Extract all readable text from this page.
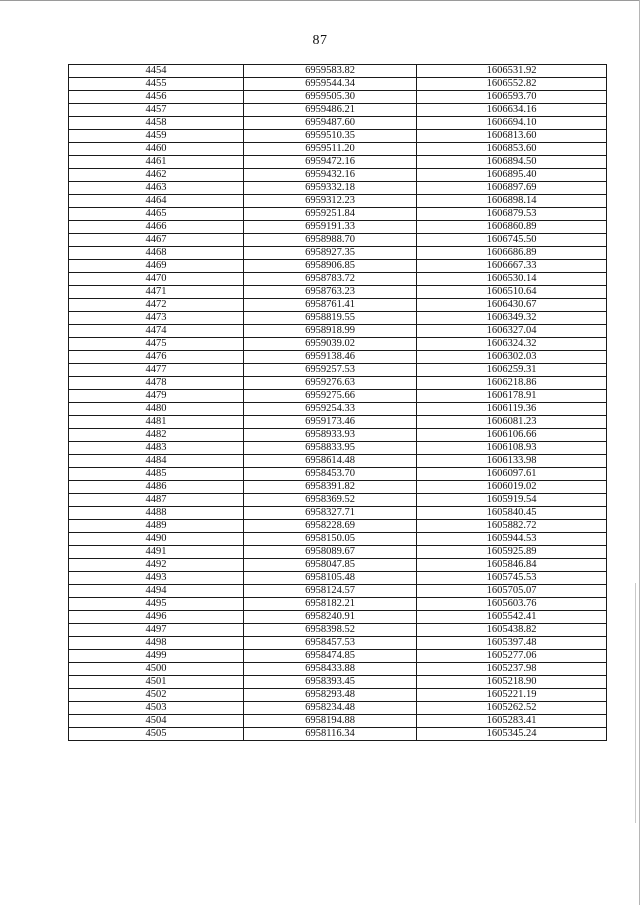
87
4454	6959583.82	1606531.92
4455	6959544.34	1606552.82
4456	6959505.30	1606593.70
4457	6959486.21	1606634.16
4458	6959487.60	1606694.10
4459	6959510.35	1606813.60
4460	6959511.20	1606853.60
4461	6959472.16	1606894.50
4462	6959432.16	1606895.40
4463	6959332.18	1606897.69
4464	6959312.23	1606898.14
4465	6959251.84	1606879.53
4466	6959191.33	1606860.89
4467	6958988.70	1606745.50
4468	6958927.35	1606686.89
4469	6958906.85	1606667.33
4470	6958783.72	1606530.14
4471	6958763.23	1606510.64
4472	6958761.41	1606430.67
4473	6958819.55	1606349.32
4474	6958918.99	1606327.04
4475	6959039.02	1606324.32
4476	6959138.46	1606302.03
4477	6959257.53	1606259.31
4478	6959276.63	1606218.86
4479	6959275.66	1606178.91
4480	6959254.33	1606119.36
4481	6959173.46	1606081.23
4482	6958933.93	1606106.66
4483	6958833.95	1606108.93
4484	6958614.48	1606133.98
4485	6958453.70	1606097.61
4486	6958391.82	1606019.02
4487	6958369.52	1605919.54
4488	6958327.71	1605840.45
4489	6958228.69	1605882.72
4490	6958150.05	1605944.53
4491	6958089.67	1605925.89
4492	6958047.85	1605846.84
4493	6958105.48	1605745.53
4494	6958124.57	1605705.07
4495	6958182.21	1605603.76
4496	6958240.91	1605542.41
4497	6958398.52	1605438.82
4498	6958457.53	1605397.48
4499	6958474.85	1605277.06
4500	6958433.88	1605237.98
4501	6958393.45	1605218.90
4502	6958293.48	1605221.19
4503	6958234.48	1605262.52
4504	6958194.88	1605283.41
4505	6958116.34	1605345.24
